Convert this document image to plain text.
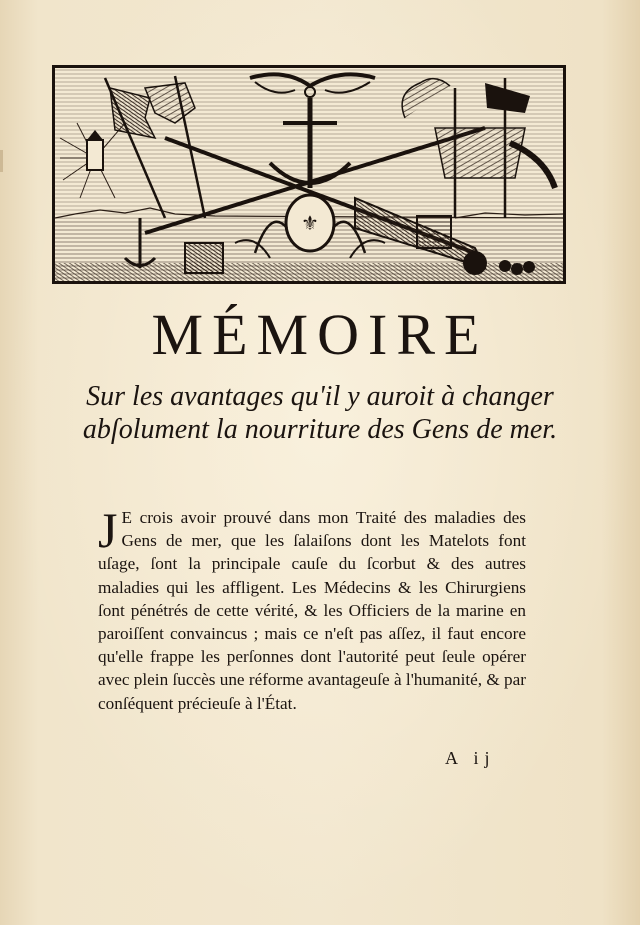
⚜
MÉMOIRE

Sur les avantages qu'il y auroit à changer abſolument la nourriture des Gens de mer.

J E crois avoir prouvé dans mon Traité des maladies des Gens de mer, que les ſalaiſons dont les Matelots font uſage, ſont la principale cauſe du ſcorbut & des autres maladies qui les affligent. Les Médecins & les Chirurgiens ſont pénétrés de cette vérité, & les Officiers de la marine en paroiſſent convaincus ; mais ce n'eſt pas aſſez, il faut encore qu'elle frappe les perſonnes dont l'autorité peut ſeule opérer avec plein ſuccès une réforme avantageuſe à l'humanité, & par conſéquent précieuſe à l'État.

A ij
